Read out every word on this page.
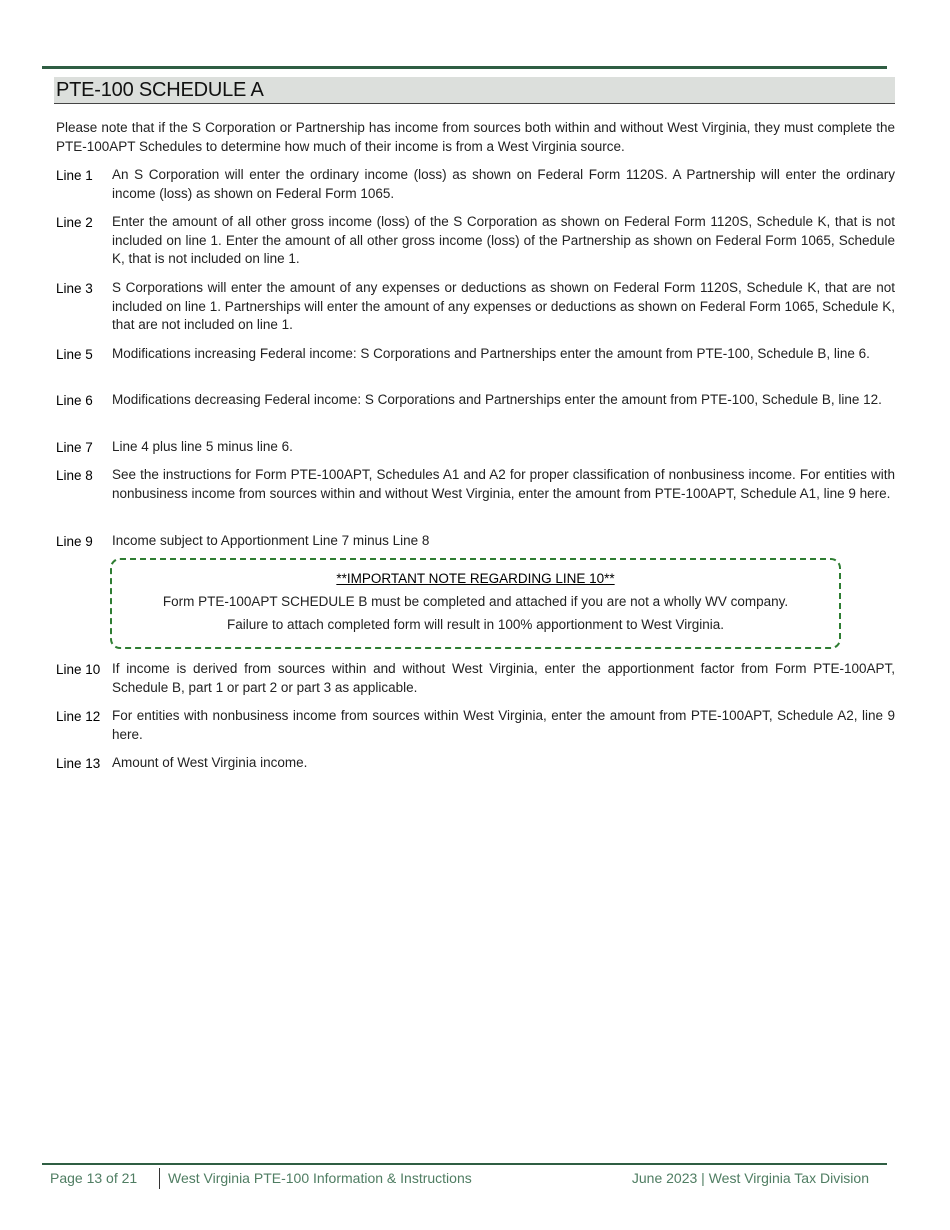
PTE-100 SCHEDULE A

Please note that if the S Corporation or Partnership has income from sources both within and without West Virginia, they must complete the PTE-100APT Schedules to determine how much of their income is from a West Virginia source.

Line 1 An S Corporation will enter the ordinary income (loss) as shown on Federal Form 1120S. A Partnership will enter the ordinary income (loss) as shown on Federal Form 1065.
Line 2 Enter the amount of all other gross income (loss) of the S Corporation as shown on Federal Form 1120S, Schedule K, that is not included on line 1. Enter the amount of all other gross income (loss) of the Partnership as shown on Federal Form 1065, Schedule K, that is not included on line 1.
Line 3 S Corporations will enter the amount of any expenses or deductions as shown on Federal Form 1120S, Schedule K, that are not included on line 1. Partnerships will enter the amount of any expenses or deductions as shown on Federal Form 1065, Schedule K, that are not included on line 1.
Line 5 Modifications increasing Federal income: S Corporations and Partnerships enter the amount from PTE-100, Schedule B, line 6.
Line 6 Modifications decreasing Federal income: S Corporations and Partnerships enter the amount from PTE-100, Schedule B, line 12.
Line 7 Line 4 plus line 5 minus line 6.
Line 8 See the instructions for Form PTE-100APT, Schedules A1 and A2 for proper classification of nonbusiness income. For entities with nonbusiness income from sources within and without West Virginia, enter the amount from PTE-100APT, Schedule A1, line 9 here.
Line 9 Income subject to Apportionment Line 7 minus Line 8
**IMPORTANT NOTE REGARDING LINE 10**
Form PTE-100APT SCHEDULE B must be completed and attached if you are not a wholly WV company.
Failure to attach completed form will result in 100% apportionment to West Virginia.
Line 10 If income is derived from sources within and without West Virginia, enter the apportionment factor from Form PTE-100APT, Schedule B, part 1 or part 2 or part 3 as applicable.
Line 12 For entities with nonbusiness income from sources within West Virginia, enter the amount from PTE-100APT, Schedule A2, line 9 here.
Line 13 Amount of West Virginia income.
Page 13 of 21 West Virginia PTE-100 Information & Instructions	June 2023 | West Virginia Tax Division
